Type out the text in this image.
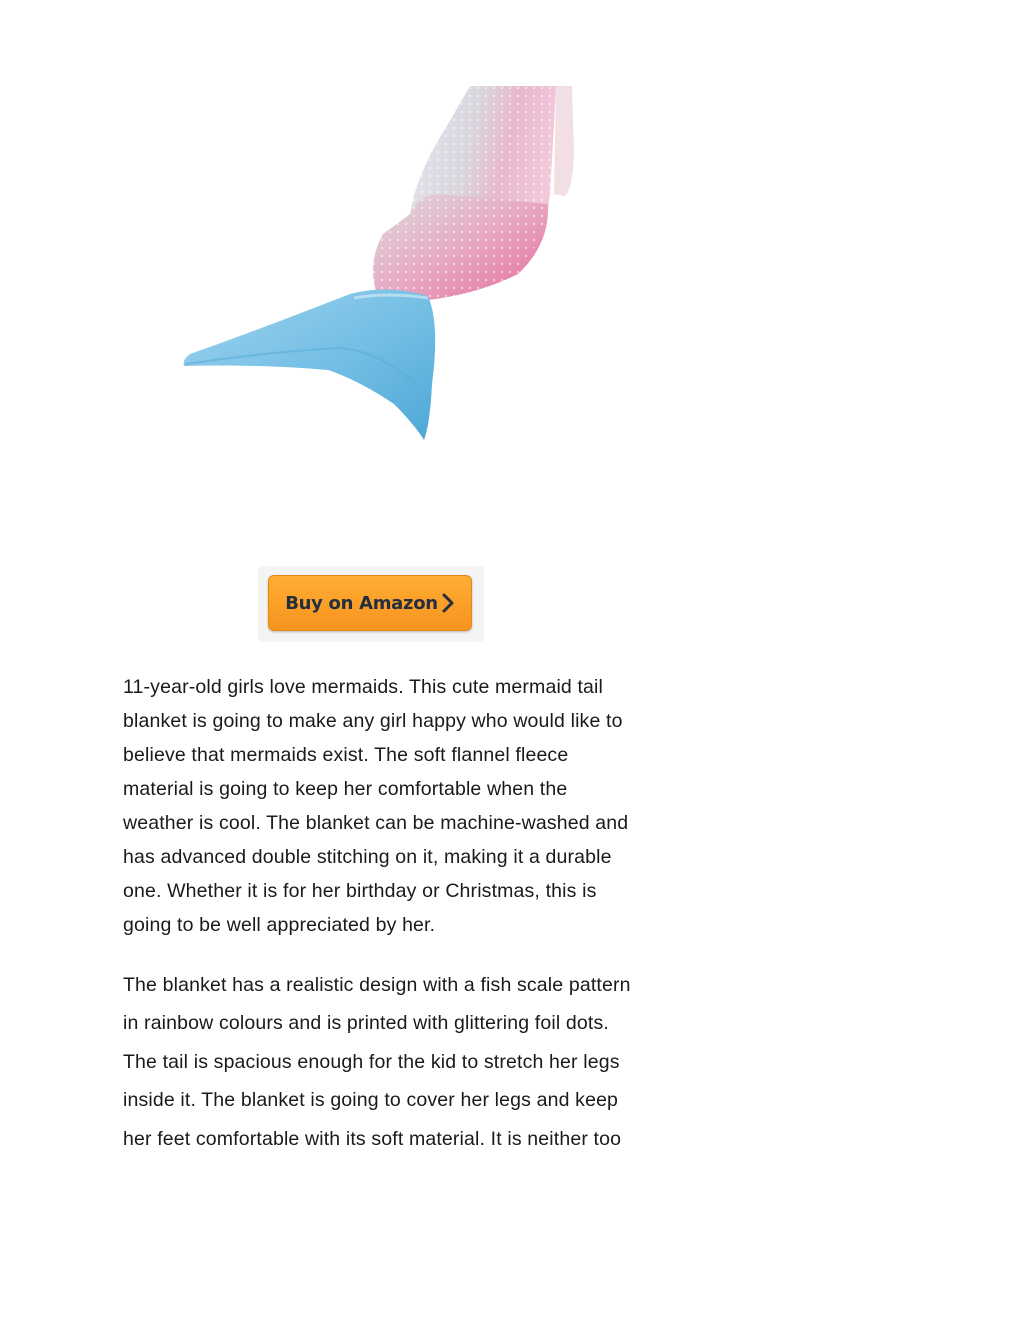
Buy on Amazon

11-year-old girls love mermaids. This cute mermaid tail blanket is going to make any girl happy who would like to believe that mermaids exist. The soft flannel fleece material is going to keep her comfortable when the weather is cool. The blanket can be machine-washed and has advanced double stitching on it, making it a durable one. Whether it is for her birthday or Christmas, this is going to be well appreciated by her.

The blanket has a realistic design with a fish scale pattern in rainbow colours and is printed with glittering foil dots. The tail is spacious enough for the kid to stretch her legs inside it. The blanket is going to cover her legs and keep her feet comfortable with its soft material. It is neither too
